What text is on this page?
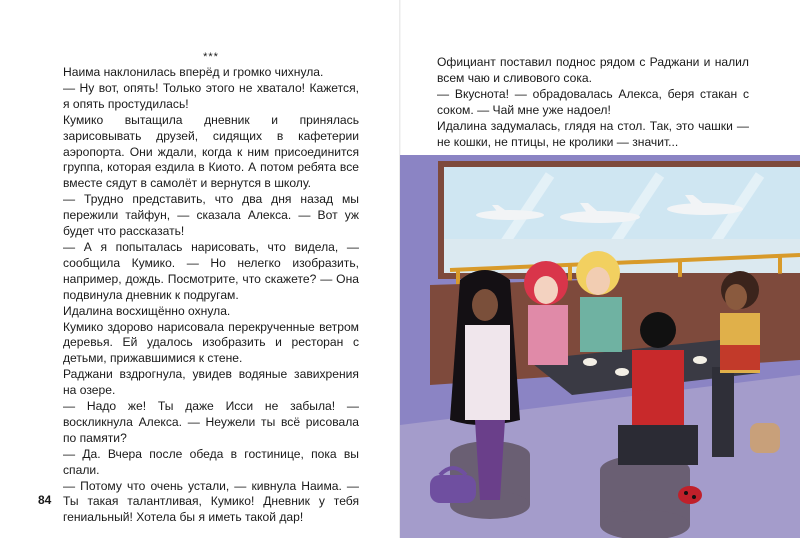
***

Наима наклонилась вперёд и громко чихнула.

— Ну вот, опять! Только этого не хватало! Кажется, я опять простудилась!

Кумико вытащила дневник и принялась зарисовывать друзей, сидящих в кафетерии аэропорта. Они ждали, когда к ним присоединится группа, которая ездила в Киото. А потом ребята все вместе сядут в самолёт и вернутся в школу.

— Трудно представить, что два дня назад мы пережили тайфун, — сказала Алекса. — Вот уж будет что рассказать!

— А я попыталась нарисовать, что видела, — сообщила Кумико. — Но нелегко изобразить, например, дождь. Посмотрите, что скажете? — Она подвинула дневник к подругам.

Идалина восхищённо охнула.

Кумико здорово нарисовала перекрученные ветром деревья. Ей удалось изобразить и ресторан с детьми, прижавшимися к стене.

Раджани вздрогнула, увидев водяные завихрения на озере.

— Надо же! Ты даже Исси не забыла! — воскликнула Алекса. — Неужели ты всё рисовала по памяти?

— Да. Вчера после обеда в гостинице, пока вы спали.

— Потому что очень устали, — кивнула Наима. — Ты такая талантливая, Кумико! Дневник у тебя гениальный! Хотела бы я иметь такой дар!

84

Официант поставил поднос рядом с Раджани и налил всем чаю и сливового сока.

— Вкуснота! — обрадовалась Алекса, беря стакан с соком. — Чай мне уже надоел!

Идалина задумалась, глядя на стол. Так, это чашки — не кошки, не птицы, не кролики — значит...
